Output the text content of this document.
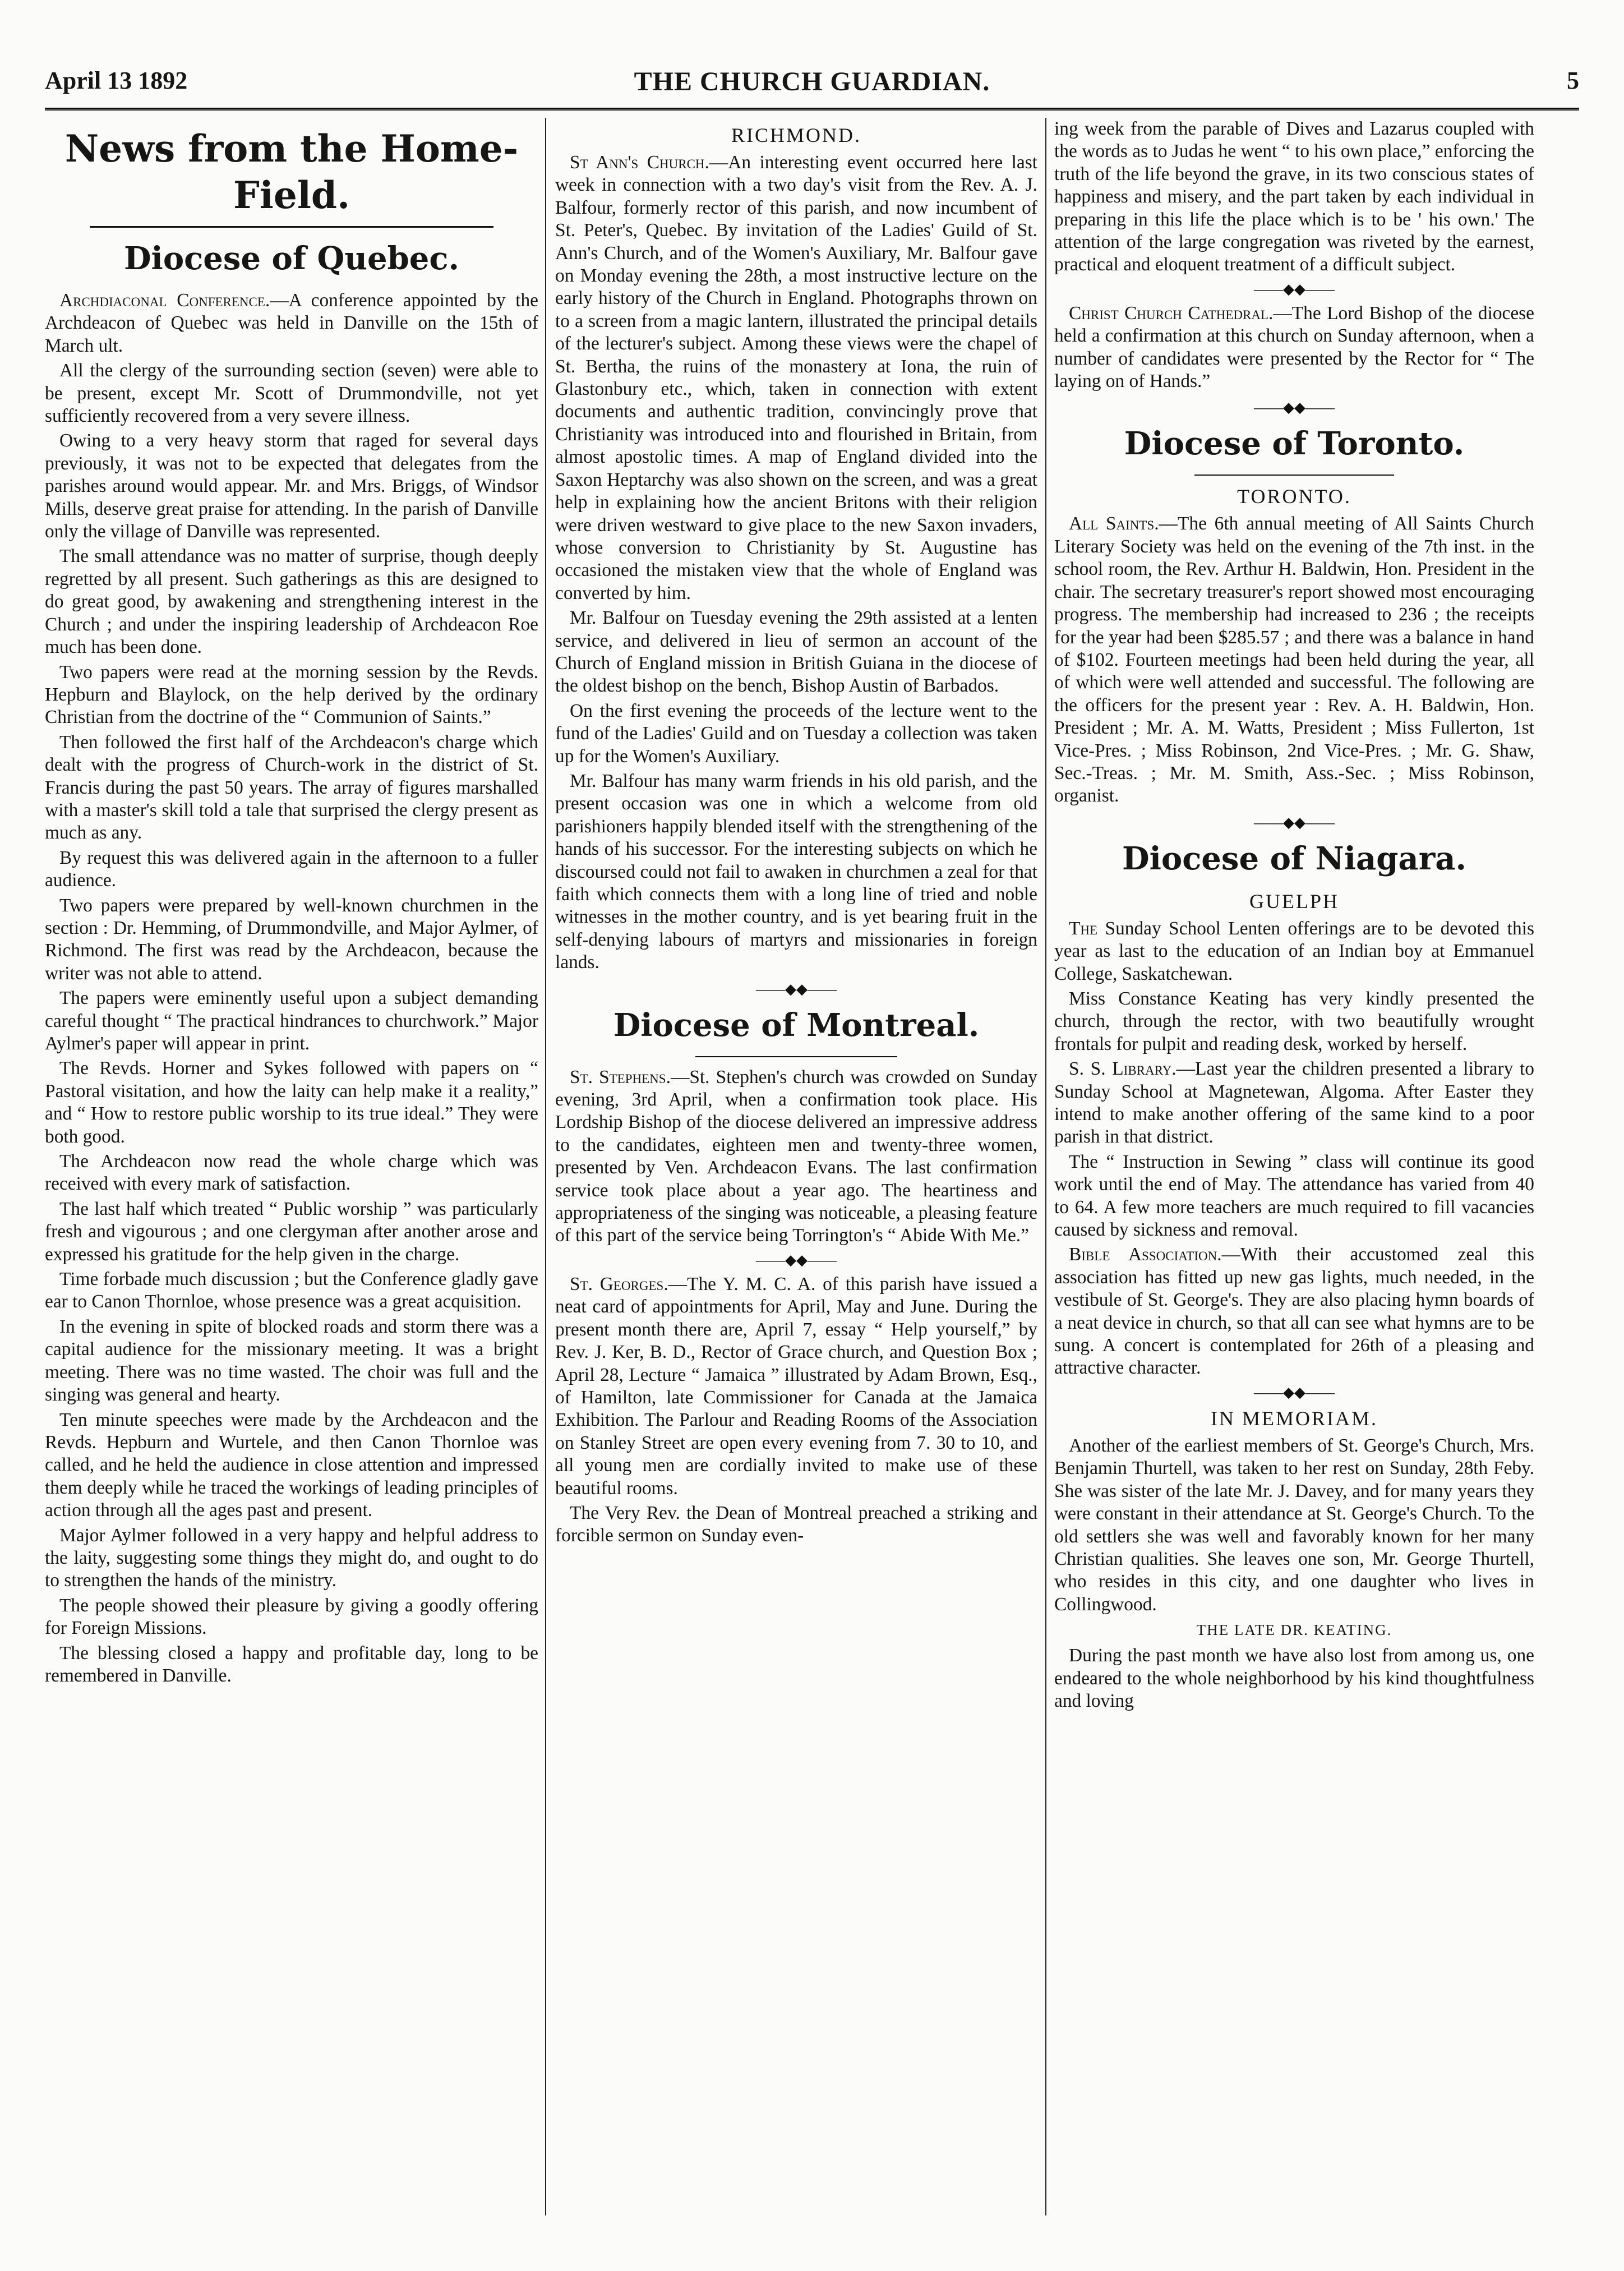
April 13 1892	THE CHURCH GUARDIAN.	5
News from the Home-Field.
Diocese of Quebec.

Archdiaconal Conference.—A conference appointed by the Archdeacon of Quebec was held in Danville on the 15th of March ult.

All the clergy of the surrounding section (seven) were able to be present, except Mr. Scott of Drummondville, not yet sufficiently recovered from a very severe illness.

Owing to a very heavy storm that raged for several days previously, it was not to be expected that delegates from the parishes around would appear. Mr. and Mrs. Briggs, of Windsor Mills, deserve great praise for attending. In the parish of Danville only the village of Danville was represented.

The small attendance was no matter of surprise, though deeply regretted by all present. Such gatherings as this are designed to do great good, by awakening and strengthening interest in the Church ; and under the inspiring leadership of Archdeacon Roe much has been done.

Two papers were read at the morning session by the Revds. Hepburn and Blaylock, on the help derived by the ordinary Christian from the doctrine of the “ Communion of Saints.”

Then followed the first half of the Archdeacon's charge which dealt with the progress of Church-work in the district of St. Francis during the past 50 years. The array of figures marshalled with a master's skill told a tale that surprised the clergy present as much as any.

By request this was delivered again in the afternoon to a fuller audience.

Two papers were prepared by well-known churchmen in the section : Dr. Hemming, of Drummondville, and Major Aylmer, of Richmond. The first was read by the Archdeacon, because the writer was not able to attend.

The papers were eminently useful upon a subject demanding careful thought “ The practical hindrances to churchwork.” Major Aylmer's paper will appear in print.

The Revds. Horner and Sykes followed with papers on “ Pastoral visitation, and how the laity can help make it a reality,” and “ How to restore public worship to its true ideal.” They were both good.

The Archdeacon now read the whole charge which was received with every mark of satisfaction.

The last half which treated “ Public worship ” was particularly fresh and vigourous ; and one clergyman after another arose and expressed his gratitude for the help given in the charge.

Time forbade much discussion ; but the Conference gladly gave ear to Canon Thornloe, whose presence was a great acquisition.

In the evening in spite of blocked roads and storm there was a capital audience for the missionary meeting. It was a bright meeting. There was no time wasted. The choir was full and the singing was general and hearty.

Ten minute speeches were made by the Archdeacon and the Revds. Hepburn and Wurtele, and then Canon Thornloe was called, and he held the audience in close attention and impressed them deeply while he traced the workings of leading principles of action through all the ages past and present.

Major Aylmer followed in a very happy and helpful address to the laity, suggesting some things they might do, and ought to do to strengthen the hands of the ministry.

The people showed their pleasure by giving a goodly offering for Foreign Missions.

The blessing closed a happy and profitable day, long to be remembered in Danville.

RICHMOND.

St Ann's Church.—An interesting event occurred here last week in connection with a two day's visit from the Rev. A. J. Balfour, formerly rector of this parish, and now incumbent of St. Peter's, Quebec. By invitation of the Ladies' Guild of St. Ann's Church, and of the Women's Auxiliary, Mr. Balfour gave on Monday evening the 28th, a most instructive lecture on the early history of the Church in England. Photographs thrown on to a screen from a magic lantern, illustrated the principal details of the lecturer's subject. Among these views were the chapel of St. Bertha, the ruins of the monastery at Iona, the ruin of Glastonbury etc., which, taken in connection with extent documents and authentic tradition, convincingly prove that Christianity was introduced into and flourished in Britain, from almost apostolic times. A map of England divided into the Saxon Heptarchy was also shown on the screen, and was a great help in explaining how the ancient Britons with their religion were driven westward to give place to the new Saxon invaders, whose conversion to Christianity by St. Augustine has occasioned the mistaken view that the whole of England was converted by him.

Mr. Balfour on Tuesday evening the 29th assisted at a lenten service, and delivered in lieu of sermon an account of the Church of England mission in British Guiana in the diocese of the oldest bishop on the bench, Bishop Austin of Barbados.

On the first evening the proceeds of the lecture went to the fund of the Ladies' Guild and on Tuesday a collection was taken up for the Women's Auxiliary.

Mr. Balfour has many warm friends in his old parish, and the present occasion was one in which a welcome from old parishioners happily blended itself with the strengthening of the hands of his successor. For the interesting subjects on which he discoursed could not fail to awaken in churchmen a zeal for that faith which connects them with a long line of tried and noble witnesses in the mother country, and is yet bearing fruit in the self-denying labours of martyrs and missionaries in foreign lands.

——◆◆——
Diocese of Montreal.

St. Stephens.—St. Stephen's church was crowded on Sunday evening, 3rd April, when a confirmation took place. His Lordship Bishop of the diocese delivered an impressive address to the candidates, eighteen men and twenty-three women, presented by Ven. Archdeacon Evans. The last confirmation service took place about a year ago. The heartiness and appropriateness of the singing was noticeable, a pleasing feature of this part of the service being Torrington's “ Abide With Me.”

——◆◆——

St. Georges.—The Y. M. C. A. of this parish have issued a neat card of appointments for April, May and June. During the present month there are, April 7, essay “ Help yourself,” by Rev. J. Ker, B. D., Rector of Grace church, and Question Box ; April 28, Lecture “ Jamaica ” illustrated by Adam Brown, Esq., of Hamilton, late Commissioner for Canada at the Jamaica Exhibition. The Parlour and Reading Rooms of the Association on Stanley Street are open every evening from 7. 30 to 10, and all young men are cordially invited to make use of these beautiful rooms.

The Very Rev. the Dean of Montreal preached a striking and forcible sermon on Sunday even-

ing week from the parable of Dives and Lazarus coupled with the words as to Judas he went “ to his own place,” enforcing the truth of the life beyond the grave, in its two conscious states of happiness and misery, and the part taken by each individual in preparing in this life the place which is to be ' his own.' The attention of the large congregation was riveted by the earnest, practical and eloquent treatment of a difficult subject.

——◆◆——

Christ Church Cathedral.—The Lord Bishop of the diocese held a confirmation at this church on Sunday afternoon, when a number of candidates were presented by the Rector for “ The laying on of Hands.”

——◆◆——
Diocese of Toronto.
TORONTO.

All Saints.—The 6th annual meeting of All Saints Church Literary Society was held on the evening of the 7th inst. in the school room, the Rev. Arthur H. Baldwin, Hon. President in the chair. The secretary treasurer's report showed most encouraging progress. The membership had increased to 236 ; the receipts for the year had been $285.57 ; and there was a balance in hand of $102. Fourteen meetings had been held during the year, all of which were well attended and successful. The following are the officers for the present year : Rev. A. H. Baldwin, Hon. President ; Mr. A. M. Watts, President ; Miss Fullerton, 1st Vice-Pres. ; Miss Robinson, 2nd Vice-Pres. ; Mr. G. Shaw, Sec.-Treas. ; Mr. M. Smith, Ass.-Sec. ; Miss Robinson, organist.

——◆◆——
Diocese of Niagara.
GUELPH

The Sunday School Lenten offerings are to be devoted this year as last to the education of an Indian boy at Emmanuel College, Saskatchewan.

Miss Constance Keating has very kindly presented the church, through the rector, with two beautifully wrought frontals for pulpit and reading desk, worked by herself.

S. S. Library.—Last year the children presented a library to Sunday School at Magnetewan, Algoma. After Easter they intend to make another offering of the same kind to a poor parish in that district.

The “ Instruction in Sewing ” class will continue its good work until the end of May. The attendance has varied from 40 to 64. A few more teachers are much required to fill vacancies caused by sickness and removal.

Bible Association.—With their accustomed zeal this association has fitted up new gas lights, much needed, in the vestibule of St. George's. They are also placing hymn boards of a neat device in church, so that all can see what hymns are to be sung. A concert is contemplated for 26th of a pleasing and attractive character.

——◆◆——
IN MEMORIAM.

Another of the earliest members of St. George's Church, Mrs. Benjamin Thurtell, was taken to her rest on Sunday, 28th Feby. She was sister of the late Mr. J. Davey, and for many years they were constant in their attendance at St. George's Church. To the old settlers she was well and favorably known for her many Christian qualities. She leaves one son, Mr. George Thurtell, who resides in this city, and one daughter who lives in Collingwood.

THE LATE DR. KEATING.

During the past month we have also lost from among us, one endeared to the whole neighborhood by his kind thoughtfulness and loving
